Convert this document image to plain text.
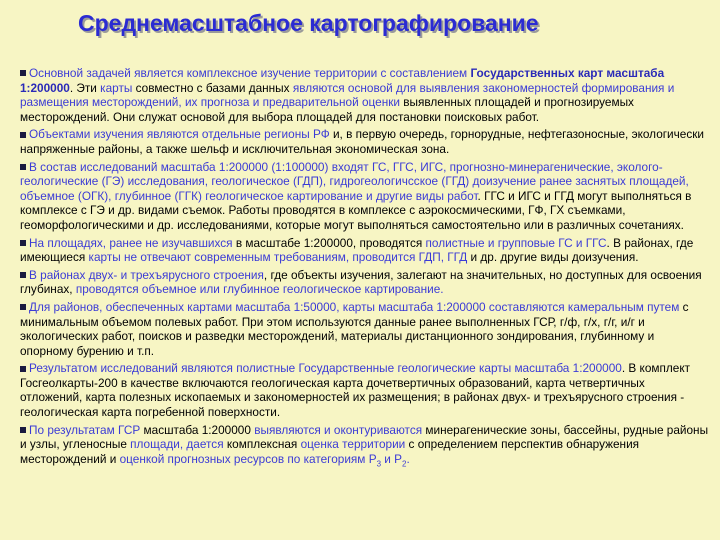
Среднемасштабное картографирование
Основной задачей является комплексное изучение территории с составлением Государственных карт масштаба 1:200000. Эти карты совместно с базами данных являются основой для выявления закономерностей формирования и размещения месторождений, их прогноза и предварительной оценки выявленных площадей и прогнозируемых месторождений. Они служат основой для выбора площадей для постановки поисковых работ.
Объектами изучения являются отдельные регионы РФ и, в первую очередь, горнорудные, нефтегазоносные, экологически напряженные районы, а также шельф и исключительная экономическая зона.
В состав исследований масштаба 1:200000 (1:100000) входят ГС, ГГС, ИГС, прогнозно-минерагенические, эколого-геологические (ГЭ) исследования, геологическое (ГДП), гидрогеологичсское (ГГД) доизучение ранее заснятых площадей, объемное (ОГК), глубинное (ГГК) геологическое картирование и другие виды работ. ГГС и ИГС и ГГД могут выполняться в комплексе с ГЭ и др. видами съемок. Работы проводятся в комплексе с аэрокосмическими, ГФ, ГХ съемками, геоморфологическими и др. исследованиями, которые могут выполняться самостоятельно или в различных сочетаниях.
На площадях, ранее не изучавшихся в масштабе 1:200000, проводятся полистные и групповые ГС и ГГС. В районах, где имеющиеся карты не отвечают современным требованиям, проводится ГДП, ГГД и др. другие виды доизучения.
В районах двух- и трехъярусного строения, где объекты изучения, залегают на значительных, но доступных для освоения глубинах, проводятся объемное или глубинное геологическое картирование.
Для районов, обеспеченных картами масштаба 1:50000, карты масштаба 1:200000 составляются камеральным путем с минимальным объемом полевых работ. При этом используются данные ранее выполненных ГСР, г/ф, г/х, г/г, и/г и экологических работ, поисков и разведки месторождений, материалы дистанционного зондирования, глубинному и опорному бурению и т.п.
Результатом исследований являются полистные Государственные геологические карты масштаба 1:200000. В комплект Госгеолкарты-200 в качестве включаются геологическая карта дочетвертичных образований, карта четвертичных отложений, карта полезных ископаемых и закономерностей их размещения; в районах двух- и трехъярусного строения - геологическая карта погребенной поверхности.
По результатам ГСР масштаба 1:200000 выявляются и оконтуриваются минерагенические зоны, бассейны, рудные районы и узлы, угленосные площади, дается комплексная оценка территории с определением перспектив обнаружения месторождений и оценкой прогнозных ресурсов по категориям $Р_3$ и $Р_2$.
